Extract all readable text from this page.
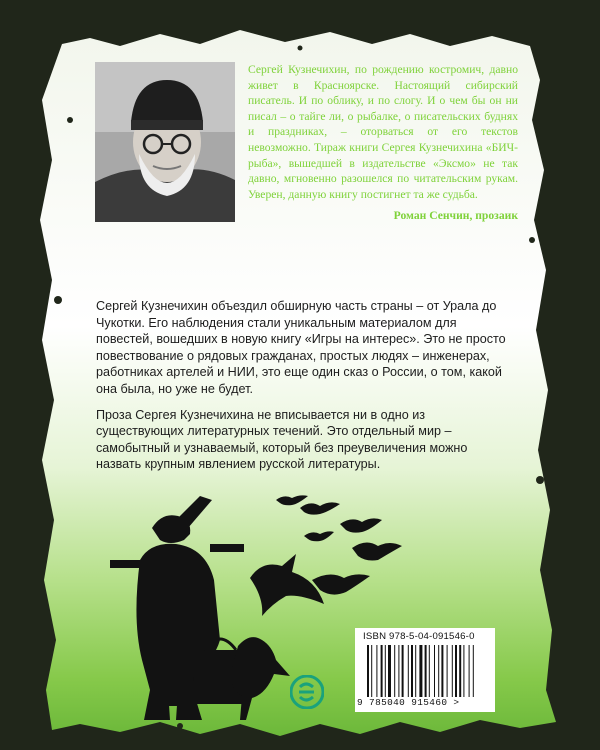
Сергей Кузнечихин, по рождению костромич, давно живет в Красноярске. Настоящий сибирский писатель. И по облику, и по слогу. И о чем бы он ни писал – о тайге ли, о рыбалке, о писательских буднях и праздниках, – оторваться от его текстов невозможно. Тираж книги Сергея Кузнечихина «БИЧ-рыба», вышедшей в издательстве «Эксмо» не так давно, мгновенно разошелся по читательским рукам. Уверен, данную книгу постигнет та же судьба.

Роман Сенчин, прозаик

Сергей Кузнечихин объездил обширную часть страны – от Урала до Чукотки. Его наблюдения стали уникальным материалом для повестей, вошедших в новую книгу «Игры на интерес». Это не просто повествование о рядовых гражданах, простых людях – инженерах, работниках артелей и НИИ, это еще один сказ о России, о том, какой она была, но уже не будет.

Проза Сергея Кузнечихина не вписывается ни в одно из существующих литературных течений. Это отдельный мир – самобытный и узнаваемый, который без преувеличения можно назвать крупным явлением русской литературы.

ISBN 978-5-04-091546-0
9 785040 915460 >
